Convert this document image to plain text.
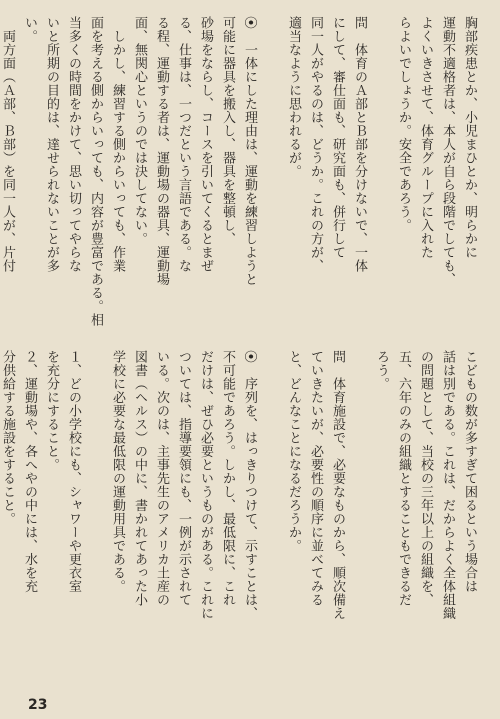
胸部疾患とか、小児まひとか、明らかに
運動不適格者は、本人が自ら段階でしても、
よくいきさせて、体育グループに入れた
らよいでしょうか。安全であろう。

問　体育のＡ部とＢ部を分けないで、一体
にして、審仕面も、研究面も、併行して
同一人がやるのは、どうか。これの方が、
適当なように思われるが。

⦿　一体にした理由は、運動を練習しようと
可能に器具を搬入し、器具を整頓し、
砂場をならし、コースを引いてくるとまぜ
る、仕事は、一つだという言語である。な
る程、運動する者は、運動場の器具、運動場
面、無関心というのでは決してない。
　しかし、練習する側からいっても、作業
面を考える側からいっても、内容が豊富である。相
当多くの時間をかけて、思い切ってやらな
いと所期の目的は、達せられないことが多
い。
　両方面（Ａ部、Ｂ部）を同一人が、片付

こどもの数が多すぎて困るという場合は
話は別である。これは、だからよく全体組織
の問題として、当校の三年以上の組織を、
五、六年のみの組織とすることもできるだ
ろう。

問　体育施設で、必要なものから、順次備え
ていきたいが、必要性の順序に並べてみる
と、どんなことになるだろうか。

⦿　序列を、はっきりつけて、示すことは、
不可能であろう。しかし、最低限に、これ
だけは、ぜひ必要というものがある。これに
ついては、指導要領にも、一例が示されて
いる。次のは、主事先生のアメリカ土産の
図書（ヘルス）の中に、書かれてあった小
学校に必要な最低限の運動用具である。

１、どの小学校にも、シャワーや更衣室
を充分にすること。
２、運動場や、各へやの中には、水を充
分供給する施設をすること。

23
